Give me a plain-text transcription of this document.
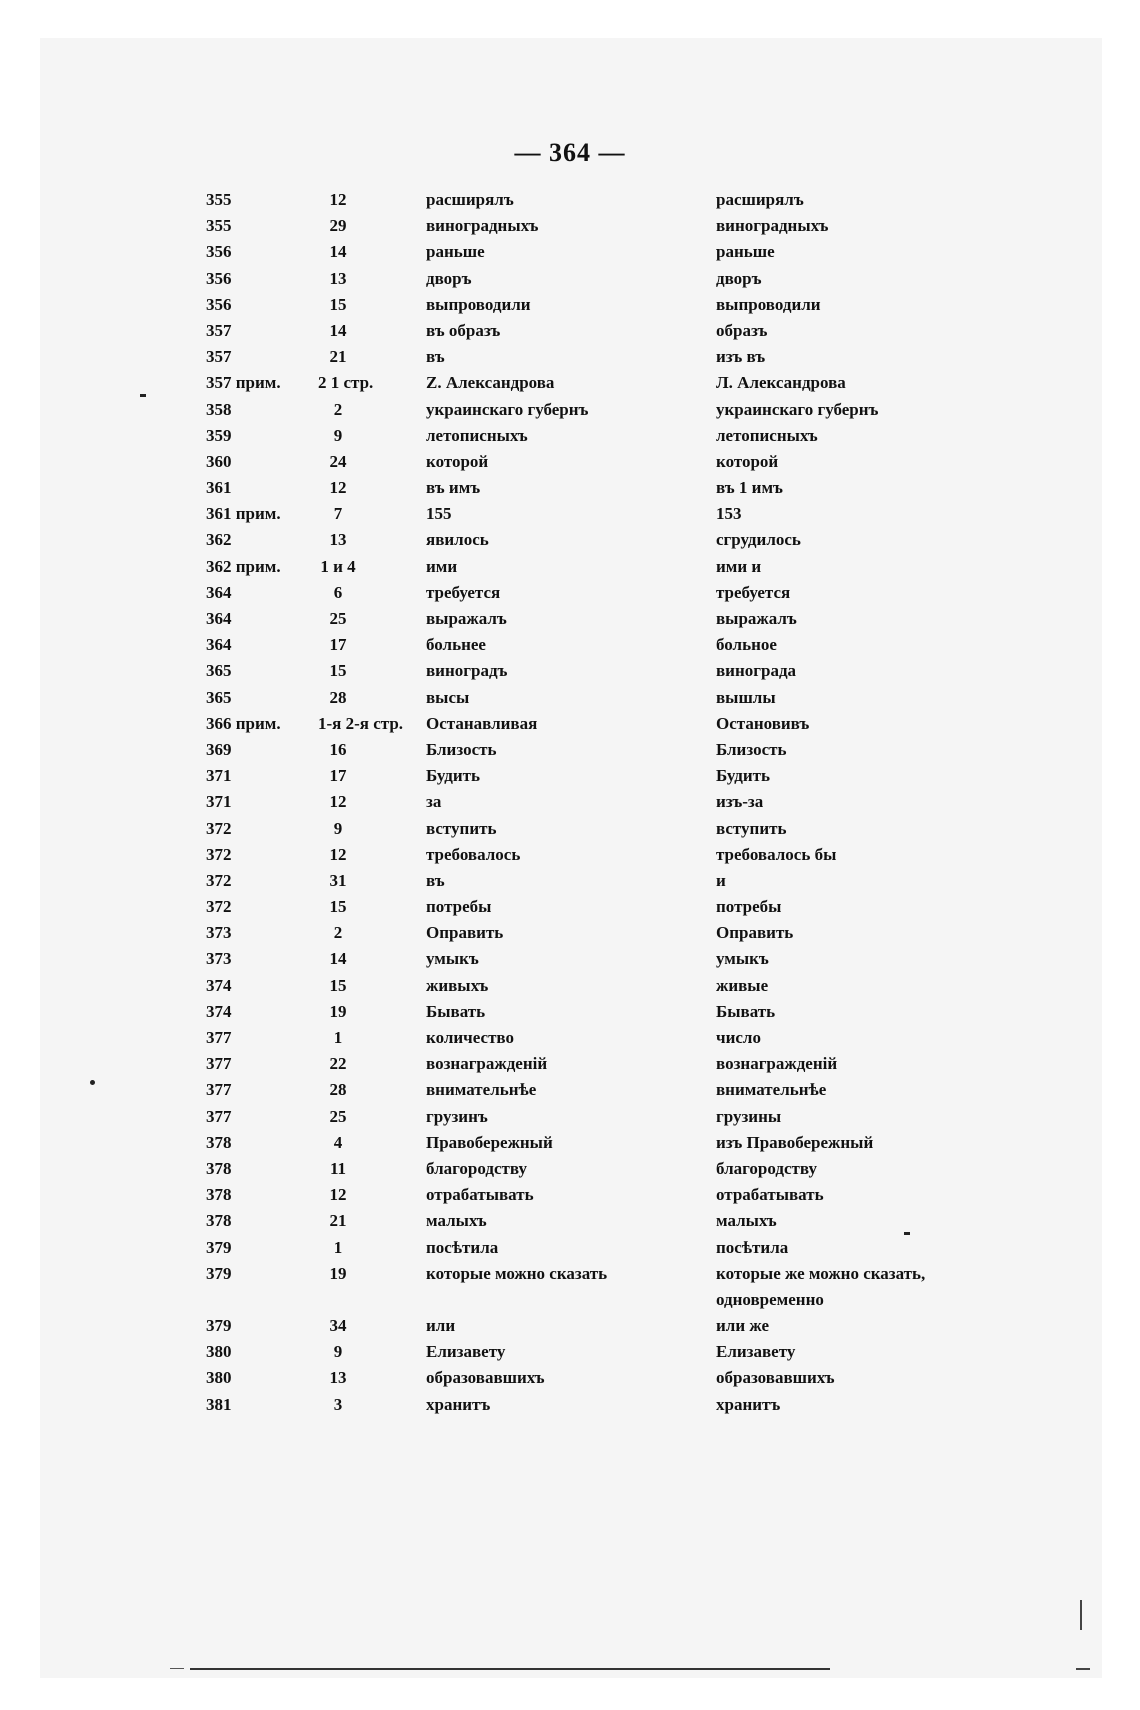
— 364 —
355	12	расширялъ	расширялъ
355	29	виноградныхъ	виноградныхъ
356	14	раньше	раньше
356	13	дворъ	дворъ
356	15	выпроводили	выпроводили
357	14	въ образъ	образъ
357	21	въ	изъ въ
357 прим.	2 1 стр.	Z. Александрова	Л. Александрова
358	2	украинскаго губернъ	украинскаго губернъ
359	9	летописныхъ	летописныхъ
360	24	которой	которой
361	12	въ имъ	въ 1 имъ
361 прим.	7	155	153
362	13	явилось	сгрудилось
362 прим.	1 и 4	ими	ими и
364	6	требуется	требуется
364	25	выражалъ	выражалъ
364	17	больнее	больное
365	15	виноградъ	винограда
365	28	высы	вышлы
366 прим.	1-я 2-я стр.	Останавливая	Остановивъ
369	16	Близость	Близость
371	17	Будить	Будить
371	12	за	изъ-за
372	9	вступить	вступить
372	12	требовалось	требовалось бы
372	31	въ	и
372	15	потребы	потребы
373	2	Оправить	Оправить
373	14	умыкъ	умыкъ
374	15	живыхъ	живые
374	19	Бывать	Бывать
377	1	количество	число
377	22	вознагражденій	вознагражденій
377	28	внимательнѣе	внимательнѣе
377	25	грузинъ	грузины
378	4	Правобережный	изъ Правобережный
378	11	благородству	благородству
378	12	отрабатывать	отрабатывать
378	21	малыхъ	малыхъ
379	1	посѣтила	посѣтила
379	19	которые можно сказать	которые же можно сказать,
			одновременно
379	34	или	или же
380	9	Елизавету	Елизавету
380	13	образовавшихъ	образовавшихъ
381	3	хранитъ	хранитъ
